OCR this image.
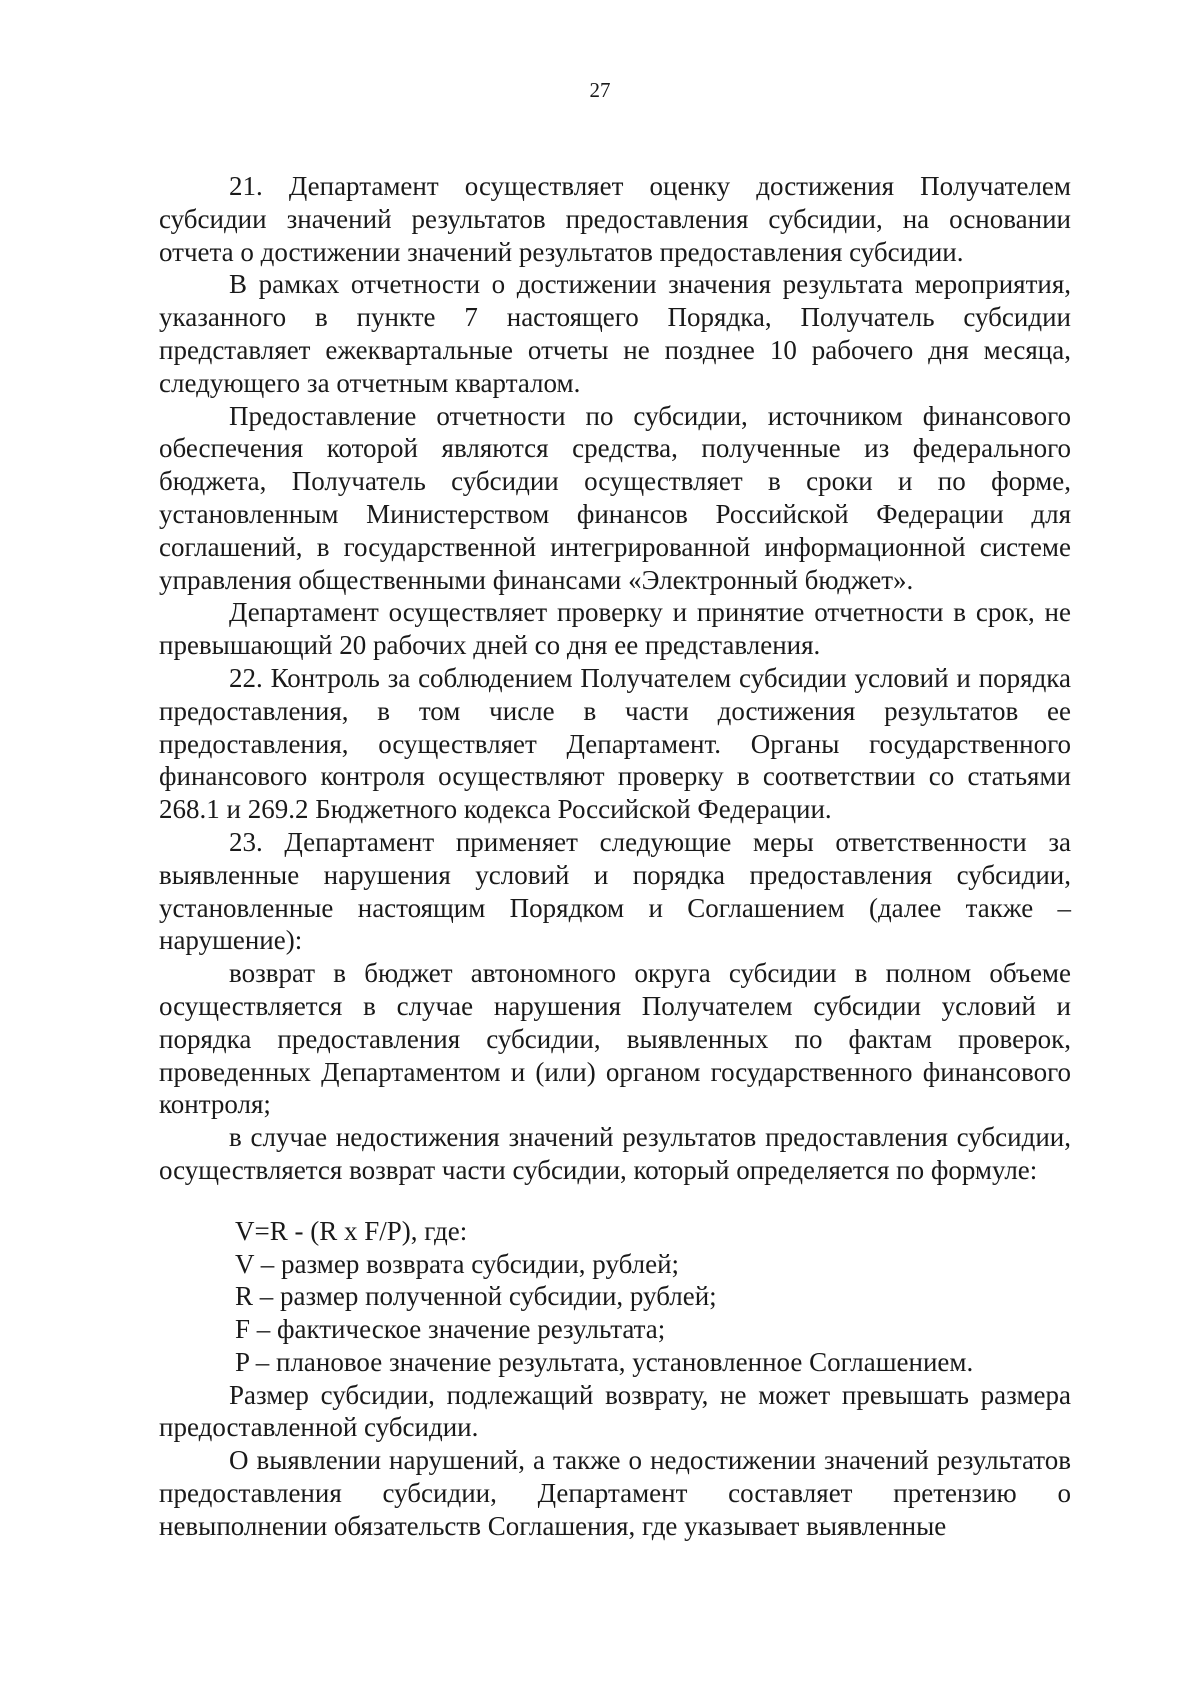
27

21. Департамент осуществляет оценку достижения Получателем субсидии значений результатов предоставления субсидии, на основании отчета о достижении значений результатов предоставления субсидии.

В рамках отчетности о достижении значения результата мероприятия, указанного в пункте 7 настоящего Порядка, Получатель субсидии представляет ежеквартальные отчеты не позднее 10 рабочего дня месяца, следующего за отчетным кварталом.

Предоставление отчетности по субсидии, источником финансового обеспечения которой являются средства, полученные из федерального бюджета, Получатель субсидии осуществляет в сроки и по форме, установленным Министерством финансов Российской Федерации для соглашений, в государственной интегрированной информационной системе управления общественными финансами «Электронный бюджет».

Департамент осуществляет проверку и принятие отчетности в срок, не превышающий 20 рабочих дней со дня ее представления.

22. Контроль за соблюдением Получателем субсидии условий и порядка предоставления, в том числе в части достижения результатов ее предоставления, осуществляет Департамент. Органы государственного финансового контроля осуществляют проверку в соответствии со статьями 268.1 и 269.2 Бюджетного кодекса Российской Федерации.

23. Департамент применяет следующие меры ответственности за выявленные нарушения условий и порядка предоставления субсидии, установленные настоящим Порядком и Соглашением (далее также – нарушение):

возврат в бюджет автономного округа субсидии в полном объеме осуществляется в случае нарушения Получателем субсидии условий и порядка предоставления субсидии, выявленных по фактам проверок, проведенных Департаментом и (или) органом государственного финансового контроля;

в случае недостижения значений результатов предоставления субсидии, осуществляется возврат части субсидии, который определяется по формуле:

V=R - (R x F/P), где:

V – размер возврата субсидии, рублей;

R – размер полученной субсидии, рублей;

F – фактическое значение результата;

P – плановое значение результата, установленное Соглашением.

Размер субсидии, подлежащий возврату, не может превышать размера предоставленной субсидии.

О выявлении нарушений, а также о недостижении значений результатов предоставления субсидии, Департамент составляет претензию о невыполнении обязательств Соглашения, где указывает выявленные
